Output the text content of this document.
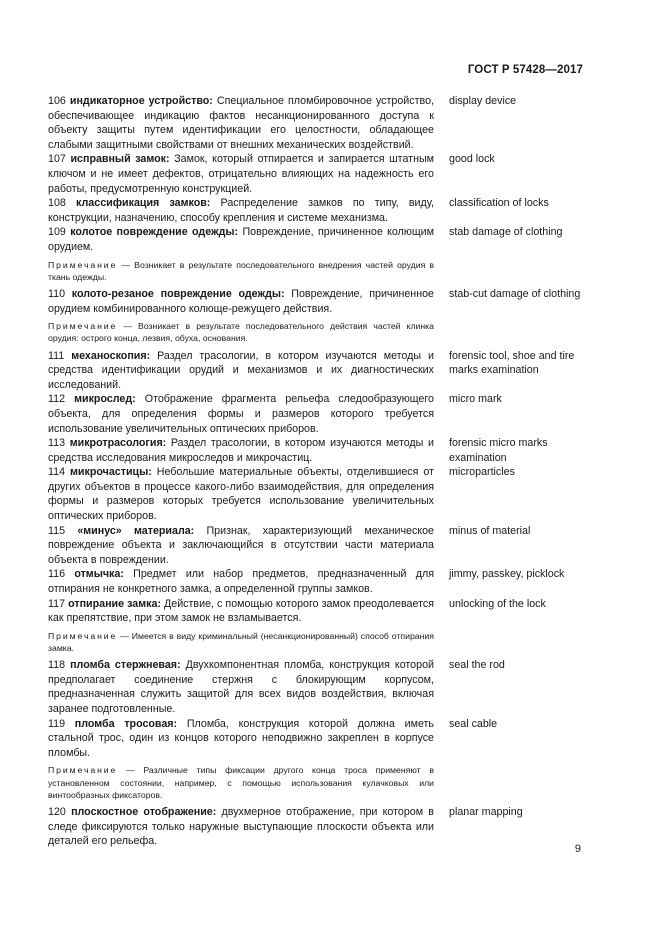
ГОСТ Р 57428—2017
106 индикаторное устройство: Специальное пломбировочное устройство, обеспечивающее индикацию фактов несанкционированного доступа к объекту защиты путем идентификации его целостности, обладающее слабыми защитными свойствами от внешних механических воздействий.
display device
107 исправный замок: Замок, который отпирается и запирается штатным ключом и не имеет дефектов, отрицательно влияющих на надежность его работы, предусмотренную конструкцией.
good lock
108 классификация замков: Распределение замков по типу, виду, конструкции, назначению, способу крепления и системе механизма.
classification of locks
109 колотое повреждение одежды: Повреждение, причиненное колющим орудием.
stab damage of clothing
Примечание — Возникает в результате последовательного внедрения частей орудия в ткань одежды.
110 колото-резаное повреждение одежды: Повреждение, причиненное орудием комбинированного колюще-режущего действия.
stab-cut damage of clothing
Примечание — Возникает в результате последовательного действия частей клинка орудия: острого конца, лезвия, обуха, основания.
111 механоскопия: Раздел трасологии, в котором изучаются методы и средства идентификации орудий и механизмов и их диагностических исследований.
forensic tool, shoe and tire marks examination
112 микрослед: Отображение фрагмента рельефа следообразующего объекта, для определения формы и размеров которого требуется использование увеличительных оптических приборов.
micro mark
113 микротрасология: Раздел трасологии, в котором изучаются методы и средства исследования микроследов и микрочастиц.
forensic micro marks examination
114 микрочастицы: Небольшие материальные объекты, отделившиеся от других объектов в процессе какого-либо взаимодействия, для определения формы и размеров которых требуется использование увеличительных оптических приборов.
microparticles
115 «минус» материала: Признак, характеризующий механическое повреждение объекта и заключающийся в отсутствии части материала объекта в повреждении.
minus of material
116 отмычка: Предмет или набор предметов, предназначенный для отпирания не конкретного замка, а определенной группы замков.
jimmy, passkey, picklock
117 отпирание замка: Действие, с помощью которого замок преодолевается как препятствие, при этом замок не взламывается.
unlocking of the lock
Примечание — Имеется в виду криминальный (несанкционированный) способ отпирания замка.
118 пломба стержневая: Двухкомпонентная пломба, конструкция которой предполагает соединение стержня с блокирующим корпусом, предназначенная служить защитой для всех видов воздействия, включая заранее подготовленные.
seal the rod
119 пломба тросовая: Пломба, конструкция которой должна иметь стальной трос, один из концов которого неподвижно закреплен в корпусе пломбы.
seal cable
Примечание — Различные типы фиксации другого конца троса применяют в установленном состоянии, например, с помощью использования кулачковых или винтообразных фиксаторов.
120 плоскостное отображение: двухмерное отображение, при котором в следе фиксируются только наружные выступающие плоскости объекта или деталей его рельефа.
planar mapping
9
